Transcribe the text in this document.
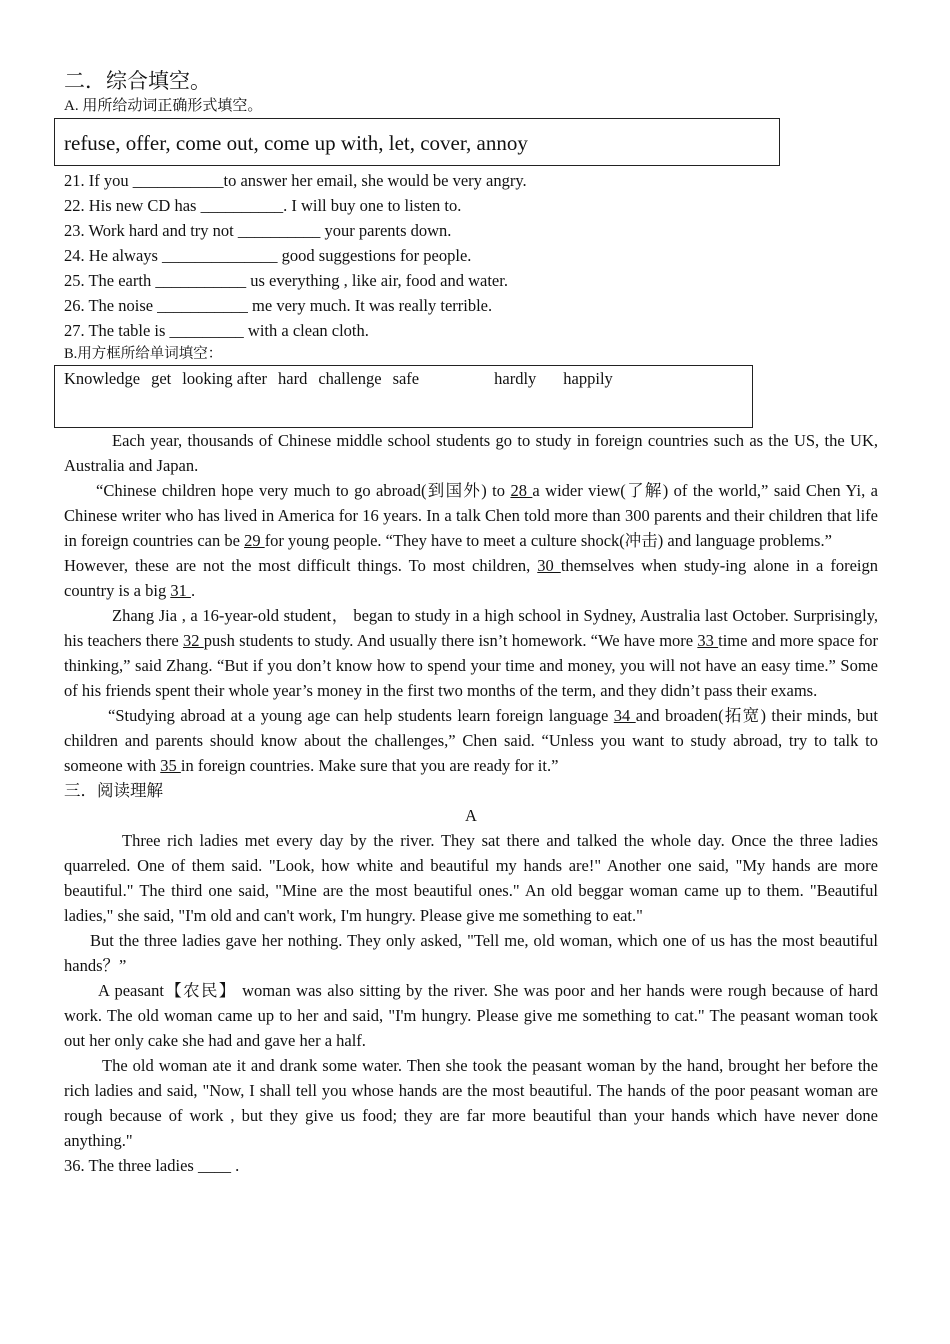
二．综合填空。
A. 用所给动词正确形式填空。
refuse, offer, come out, come up with, let, cover, annoy
21. If you ___________to answer her email, she would be very angry.
22. His new CD has __________. I will buy one to listen to.
23. Work hard and try not __________ your parents down.
24. He always ______________ good suggestions for people.
25. The earth ___________ us everything , like air, food and water.
26. The noise ___________ me very much. It was really terrible.
27. The table is _________ with a clean cloth.
B.用方框所给单词填空：
Knowledge get looking after hard challenge safe	hardly happily

Each year, thousands of Chinese middle school students go to study in foreign countries such as the US, the UK, Australia and Japan.

“Chinese children hope very much to go abroad(到国外) to 28 a wider view(了解) of the world,” said Chen Yi, a Chinese writer who has lived in America for 16 years. In a talk Chen told more than 300 parents and their children that life in foreign countries can be 29 for young people. “They have to meet a culture shock(冲击) and language problems.”

However, these are not the most difficult things. To most children, 30 themselves when study-ing alone in a foreign country is a big 31 .

Zhang Jia , a 16-year-old student， began to study in a high school in Sydney, Australia last October. Surprisingly, his teachers there 32 push students to study. And usually there isn’t homework. “We have more 33 time and more space for thinking,” said Zhang. “But if you don’t know how to spend your time and money, you will not have an easy time.” Some of his friends spent their whole year’s money in the first two months of the term, and they didn’t pass their exams.

“Studying abroad at a young age can help students learn foreign language 34 and broaden(拓宽) their minds, but children and parents should know about the challenges,” Chen said. “Unless you want to study abroad, try to talk to someone with 35 in foreign countries. Make sure that you are ready for it.”

三．阅读理解
A

Three rich ladies met every day by the river. They sat there and talked the whole day. Once the three ladies quarreled. One of them said. "Look, how white and beautiful my hands are!" Another one said, "My hands are more beautiful." The third one said, "Mine are the most beautiful ones." An old beggar woman came up to them. "Beautiful ladies," she said, "I'm old and can't work, I'm hungry. Please give me something to eat."

But the three ladies gave her nothing. They only asked, "Tell me, old woman, which one of us has the most beautiful hands？”

A peasant【农民】 woman was also sitting by the river. She was poor and her hands were rough because of hard work. The old woman came up to her and said, "I'm hungry. Please give me something to cat." The peasant woman took out her only cake she had and gave her a half.

The old woman ate it and drank some water. Then she took the peasant woman by the hand, brought her before the rich ladies and said, "Now, I shall tell you whose hands are the most beautiful. The hands of the poor peasant woman are rough because of work , but they give us food; they are far more beautiful than your hands which have never done anything."

36. The three ladies ____ .
